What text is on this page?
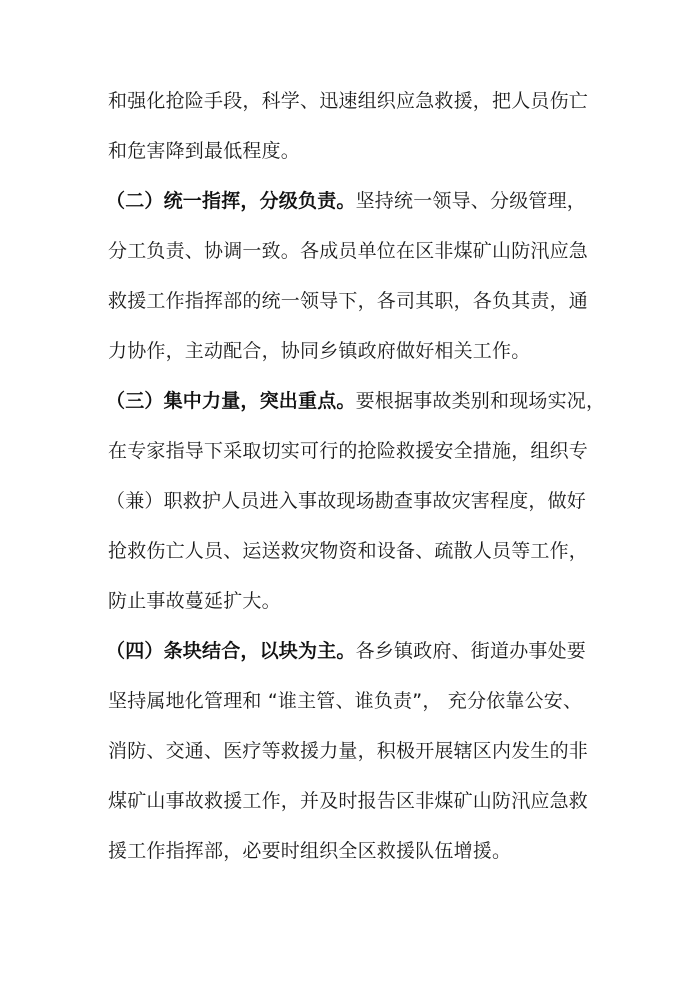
和强化抢险手段，科学、迅速组织应急救援，把人员伤亡
和危害降到最低程度。
（二）统一指挥，分级负责。坚持统一领导、分级管理，
分工负责、协调一致。各成员单位在区非煤矿山防汛应急
救援工作指挥部的统一领导下，各司其职，各负其责，通
力协作，主动配合，协同乡镇政府做好相关工作。
（三）集中力量，突出重点。要根据事故类别和现场实况，
在专家指导下采取切实可行的抢险救援安全措施，组织专
（兼）职救护人员进入事故现场勘查事故灾害程度，做好
抢救伤亡人员、运送救灾物资和设备、疏散人员等工作，
防止事故蔓延扩大。
（四）条块结合，以块为主。各乡镇政府、街道办事处要
坚持属地化管理和 “谁主管、谁负责”， 充分依靠公安、
消防、交通、医疗等救援力量，积极开展辖区内发生的非
煤矿山事故救援工作，并及时报告区非煤矿山防汛应急救
援工作指挥部，必要时组织全区救援队伍增援。
